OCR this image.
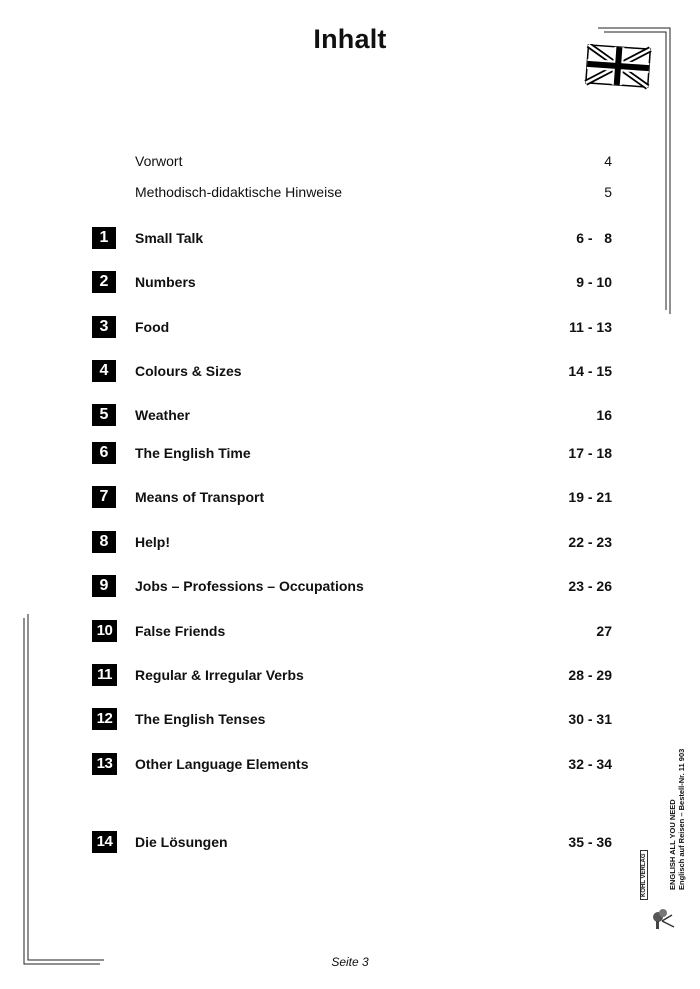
Inhalt
Vorwort	4
Methodisch-didaktische Hinweise	5
1	Small Talk	6 -   8
2	Numbers	9 - 10
3	Food	11 - 13
4	Colours & Sizes	14 - 15
5	Weather	16
6	The English Time	17 - 18
7	Means of Transport	19 - 21
8	Help!	22 - 23
9	Jobs – Professions – Occupations	23 - 26
10	False Friends	27
11	Regular & Irregular Verbs	28 - 29
12	The English Tenses	30 - 31
13	Other Language Elements	32 - 34
14	Die Lösungen	35 - 36	ENGLISH ALL YOU NEED Englisch auf Reisen – Bestell-Nr. 11 903
KOHL VERLAG
Seite 3
